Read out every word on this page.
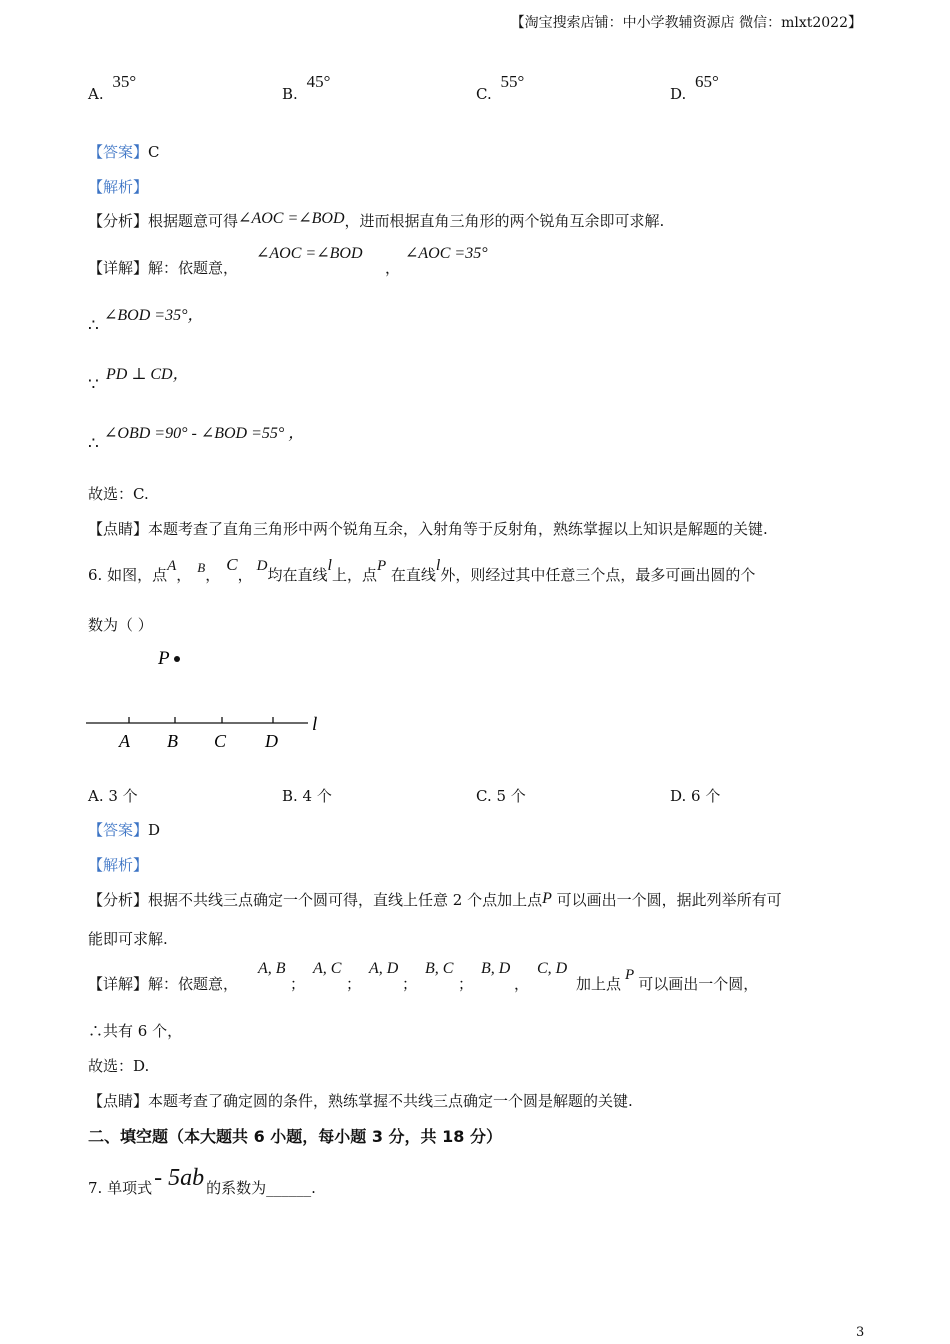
【淘宝搜索店铺：中小学教辅资源店 微信：mlxt2022】
A. 35°
B. 45°
C. 55°
D. 65°
【答案】C
【解析】
【分析】根据题意可得∠AOC =∠BOD，进而根据直角三角形的两个锐角互余即可求解.
【详解】解：依题意，
∠AOC =∠BOD
，
∠AOC =35°
∴
∠BOD =35°，
∵
PD ⊥ CD，
∴
∠OBD =90° - ∠BOD =55° ，
故选：C.
【点睛】本题考查了直角三角形中两个锐角互余，入射角等于反射角，熟练掌握以上知识是解题的关键.
6. 如图，点A， B，C， D均在直线l上，点P 在直线l外，则经过其中任意三个点，最多可画出圆的个
数为（ ）
P
l
A B C D
A. 3 个	B. 4 个	C. 5 个	D. 6 个
【答案】D
【解析】
【分析】根据不共线三点确定一个圆可得，直线上任意 2 个点加上点P 可以画出一个圆，据此列举所有可
能即可求解.
【详解】解：依题意，
A, B
；
A, C
；
A, D
；
B, C
；
B, D
，
C, D
加上点 P 可以画出一个圆，
∴共有 6 个，
故选：D.
【点睛】本题考查了确定圆的条件，熟练掌握不共线三点确定一个圆是解题的关键.
二、填空题（本大题共 6 小题，每小题 3 分，共 18 分）
7. 单项式- 5ab 的系数为______.
3
